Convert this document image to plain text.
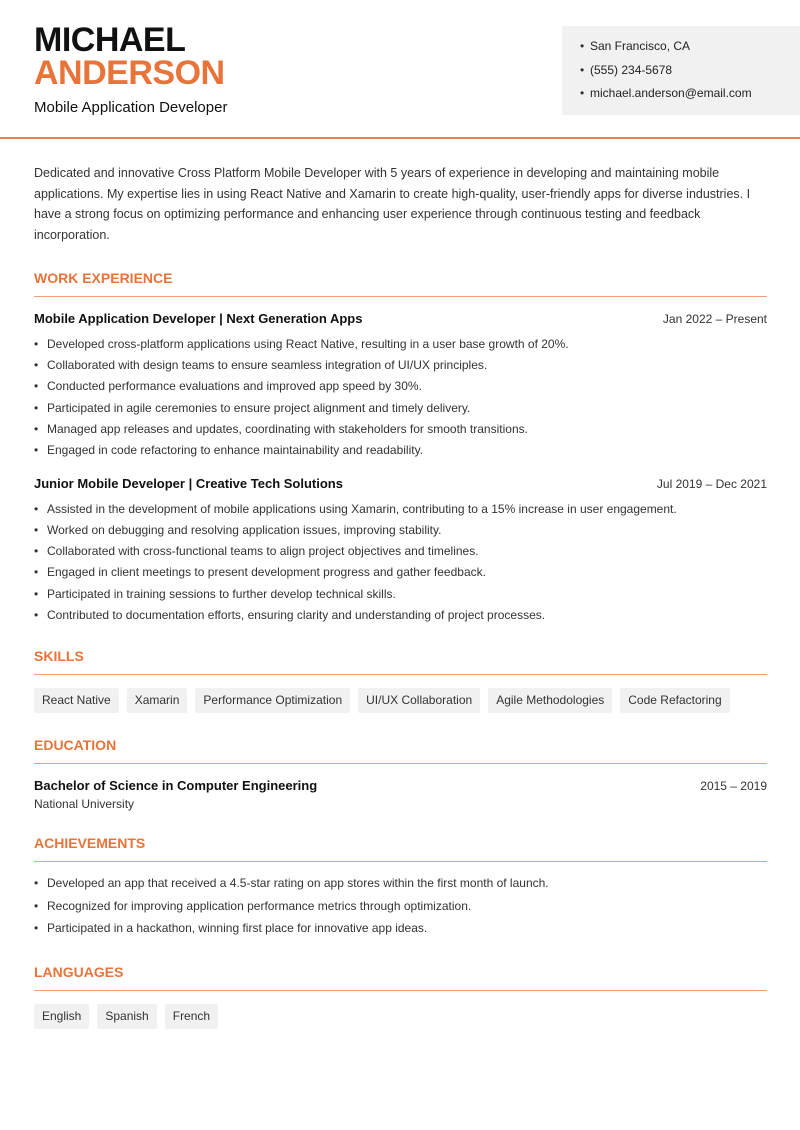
MICHAEL
ANDERSON
Mobile Application Developer
• San Francisco, CA
• (555) 234-5678
• michael.anderson@email.com

Dedicated and innovative Cross Platform Mobile Developer with 5 years of experience in developing and maintaining mobile applications. My expertise lies in using React Native and Xamarin to create high-quality, user-friendly apps for diverse industries. I have a strong focus on optimizing performance and enhancing user experience through continuous testing and feedback incorporation.

WORK EXPERIENCE
Mobile Application Developer | Next Generation Apps	Jan 2022 – Present
• Developed cross-platform applications using React Native, resulting in a user base growth of 20%.
• Collaborated with design teams to ensure seamless integration of UI/UX principles.
• Conducted performance evaluations and improved app speed by 30%.
• Participated in agile ceremonies to ensure project alignment and timely delivery.
• Managed app releases and updates, coordinating with stakeholders for smooth transitions.
• Engaged in code refactoring to enhance maintainability and readability.
Junior Mobile Developer | Creative Tech Solutions	Jul 2019 – Dec 2021
• Assisted in the development of mobile applications using Xamarin, contributing to a 15% increase in user engagement.
• Worked on debugging and resolving application issues, improving stability.
• Collaborated with cross-functional teams to align project objectives and timelines.
• Engaged in client meetings to present development progress and gather feedback.
• Participated in training sessions to further develop technical skills.
• Contributed to documentation efforts, ensuring clarity and understanding of project processes.
SKILLS
React Native	Xamarin	Performance Optimization	UI/UX Collaboration	Agile Methodologies	Code Refactoring
EDUCATION
Bachelor of Science in Computer Engineering	2015 – 2019
National University
ACHIEVEMENTS
• Developed an app that received a 4.5-star rating on app stores within the first month of launch.
• Recognized for improving application performance metrics through optimization.
• Participated in a hackathon, winning first place for innovative app ideas.
LANGUAGES
English	Spanish	French
